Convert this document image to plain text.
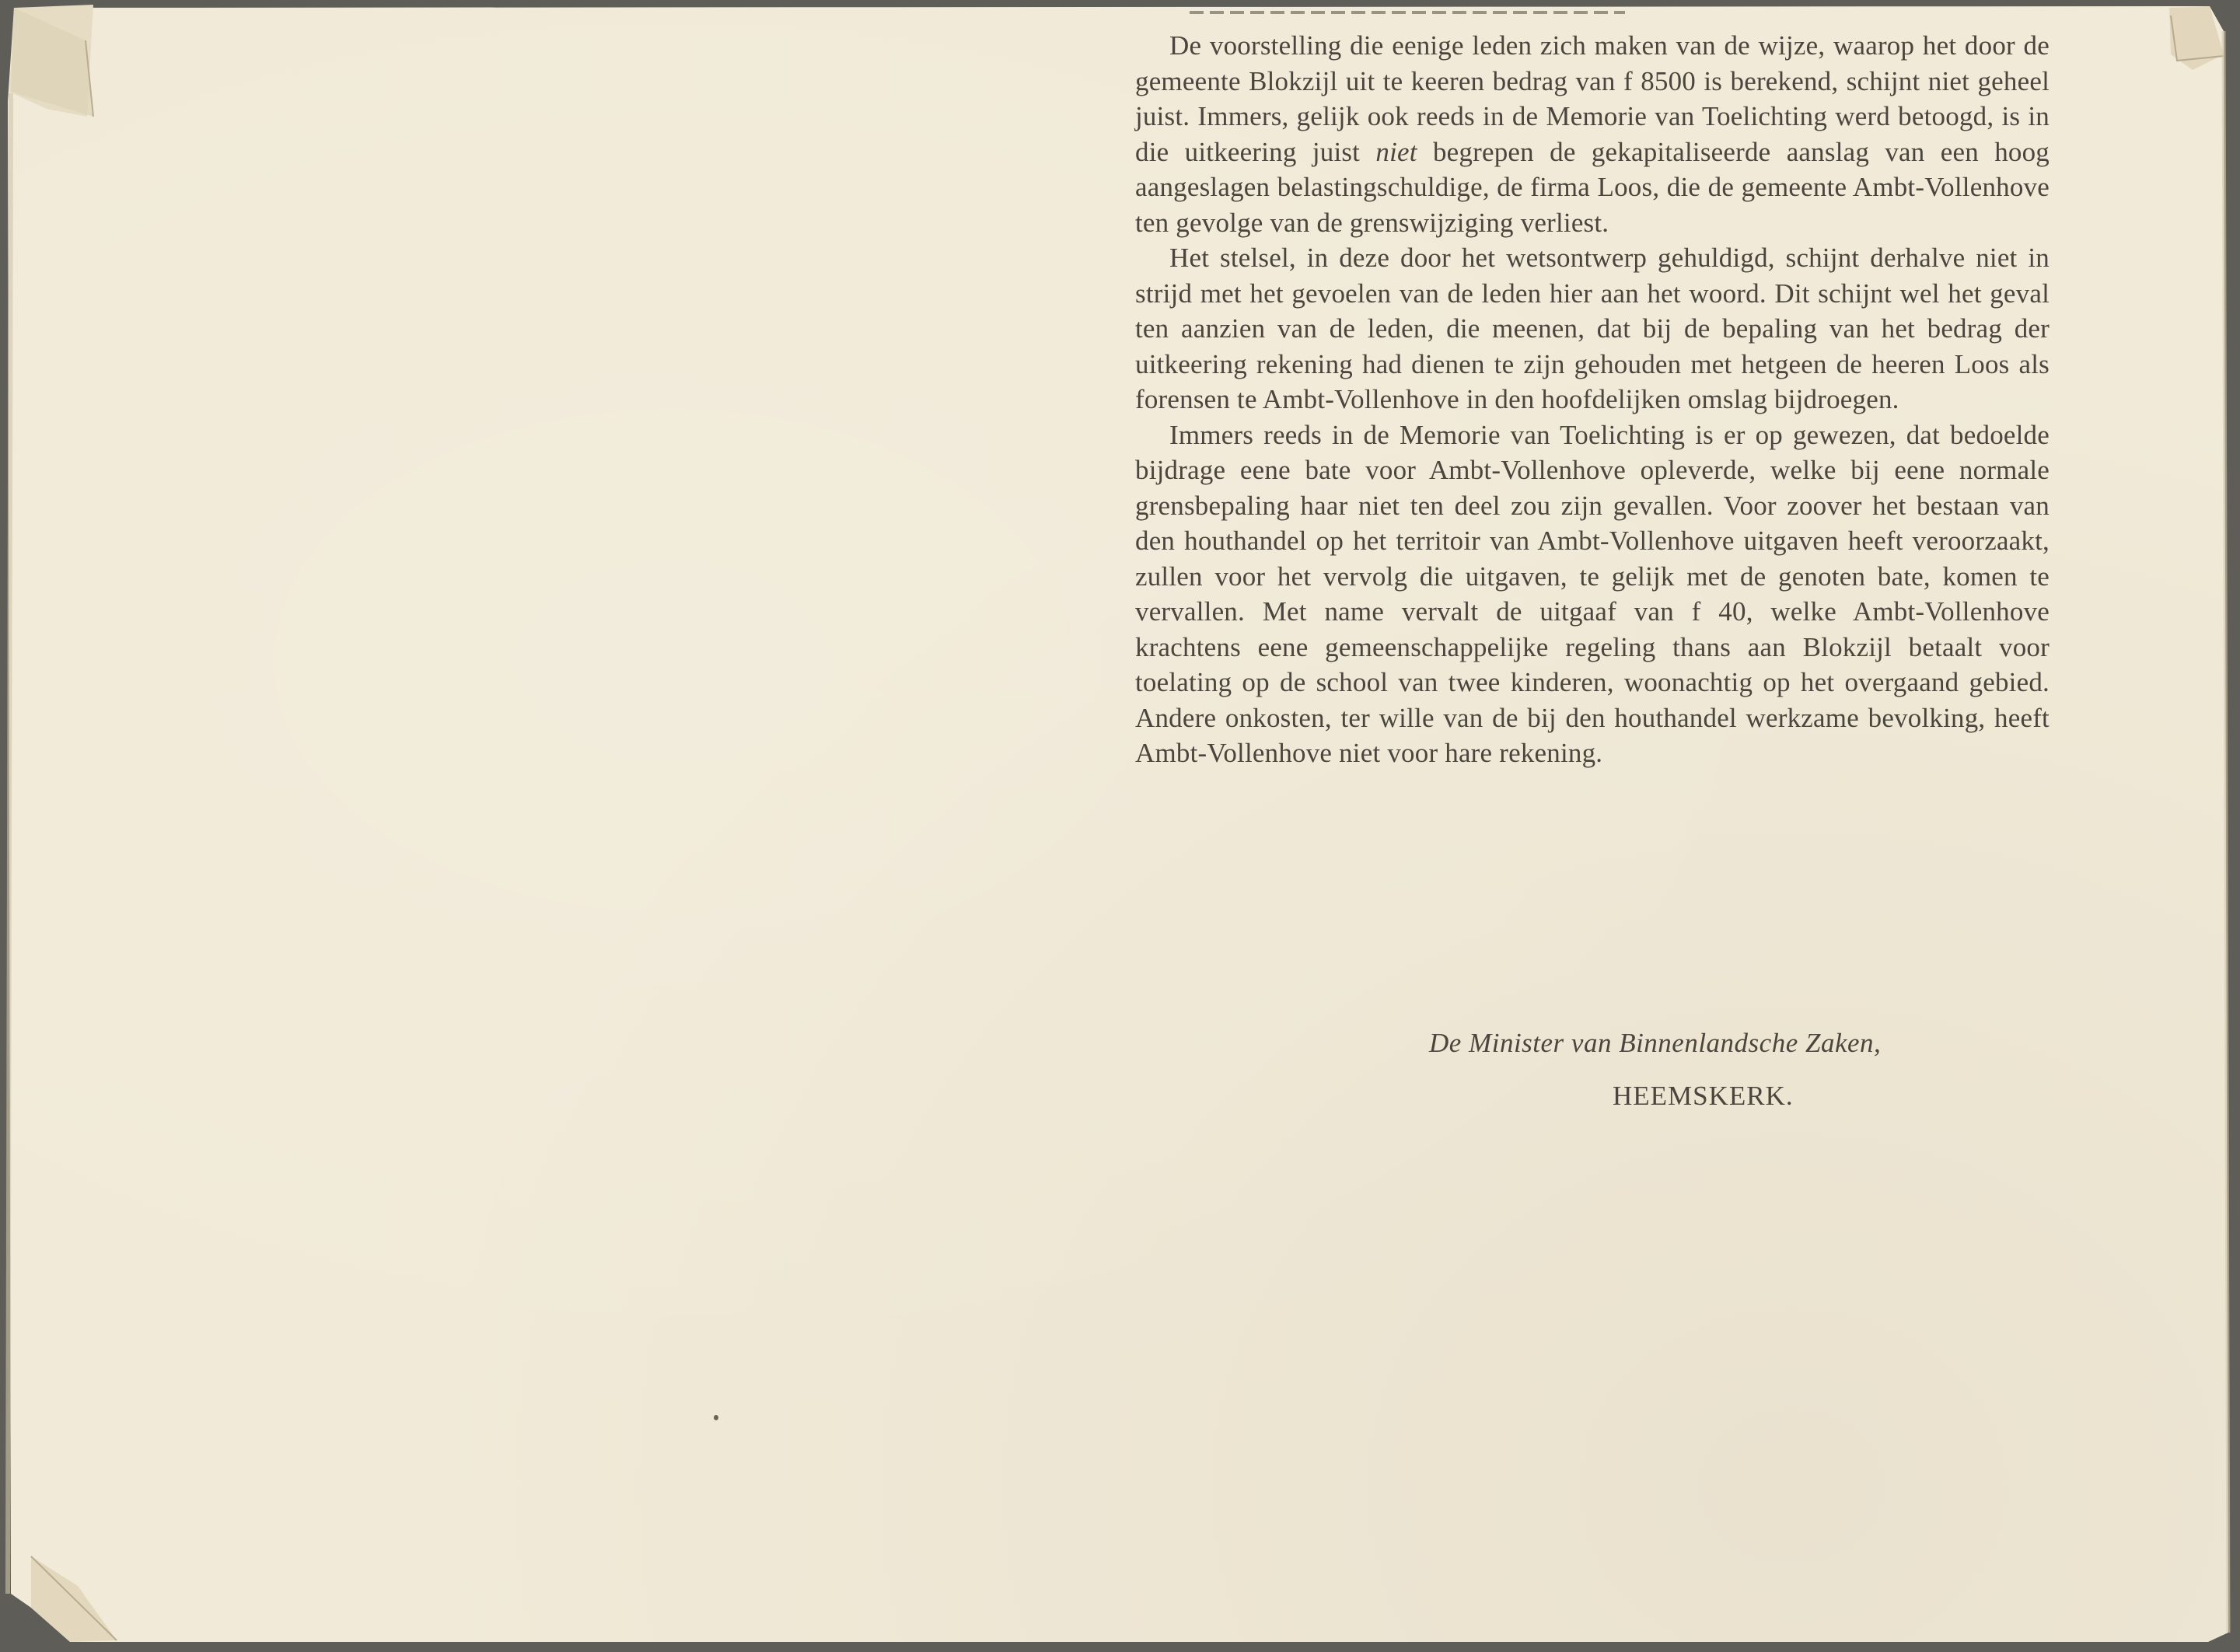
De voorstelling die eenige leden zich maken van de wijze, waarop het door de gemeente Blokzijl uit te keeren bedrag van f 8500 is berekend, schijnt niet geheel juist. Immers, gelijk ook reeds in de Memorie van Toelichting werd betoogd, is in die uitkeering juist niet begrepen de gekapitaliseerde aanslag van een hoog aangeslagen belastingschuldige, de firma Loos, die de gemeente Ambt-Vollenhove ten gevolge van de grenswijziging verliest.

Het stelsel, in deze door het wetsontwerp gehuldigd, schijnt derhalve niet in strijd met het gevoelen van de leden hier aan het woord. Dit schijnt wel het geval ten aanzien van de leden, die meenen, dat bij de bepaling van het bedrag der uitkeering rekening had dienen te zijn gehouden met hetgeen de heeren Loos als forensen te Ambt-Vollenhove in den hoofdelijken omslag bijdroegen.

Immers reeds in de Memorie van Toelichting is er op gewezen, dat bedoelde bijdrage eene bate voor Ambt-Vollenhove opleverde, welke bij eene normale grensbepaling haar niet ten deel zou zijn gevallen. Voor zoover het bestaan van den houthandel op het territoir van Ambt-Vollenhove uitgaven heeft veroorzaakt, zullen voor het vervolg die uitgaven, te gelijk met de genoten bate, komen te vervallen. Met name vervalt de uitgaaf van f 40, welke Ambt-Vollenhove krachtens eene gemeenschappelijke regeling thans aan Blokzijl betaalt voor toelating op de school van twee kinderen, woonachtig op het overgaand gebied. Andere onkosten, ter wille van de bij den houthandel werkzame bevolking, heeft Ambt-Vollenhove niet voor hare rekening.

De Minister van Binnenlandsche Zaken,
HEEMSKERK.
